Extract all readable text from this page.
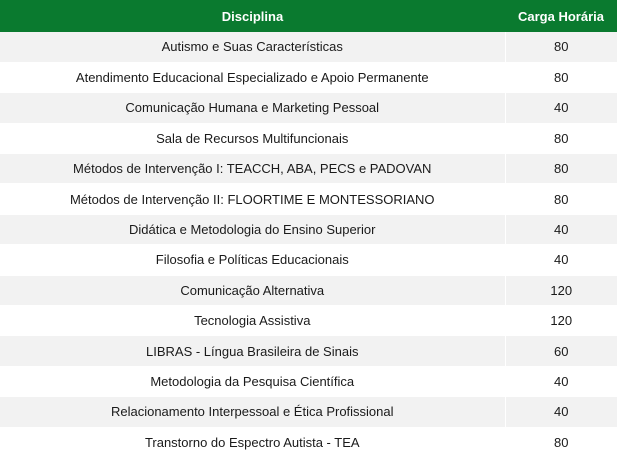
Disciplina	Carga Horária
Autismo e Suas Características	80
Atendimento Educacional Especializado e Apoio Permanente	80
Comunicação Humana e Marketing Pessoal	40
Sala de Recursos Multifuncionais	80
Métodos de Intervenção I: TEACCH, ABA, PECS e PADOVAN	80
Métodos de Intervenção II: FLOORTIME E MONTESSORIANO	80
Didática e Metodologia do Ensino Superior	40
Filosofia e Políticas Educacionais	40
Comunicação Alternativa	120
Tecnologia Assistiva	120
LIBRAS - Língua Brasileira de Sinais	60
Metodologia da Pesquisa Científica	40
Relacionamento Interpessoal e Ética Profissional	40
Transtorno do Espectro Autista - TEA	80
